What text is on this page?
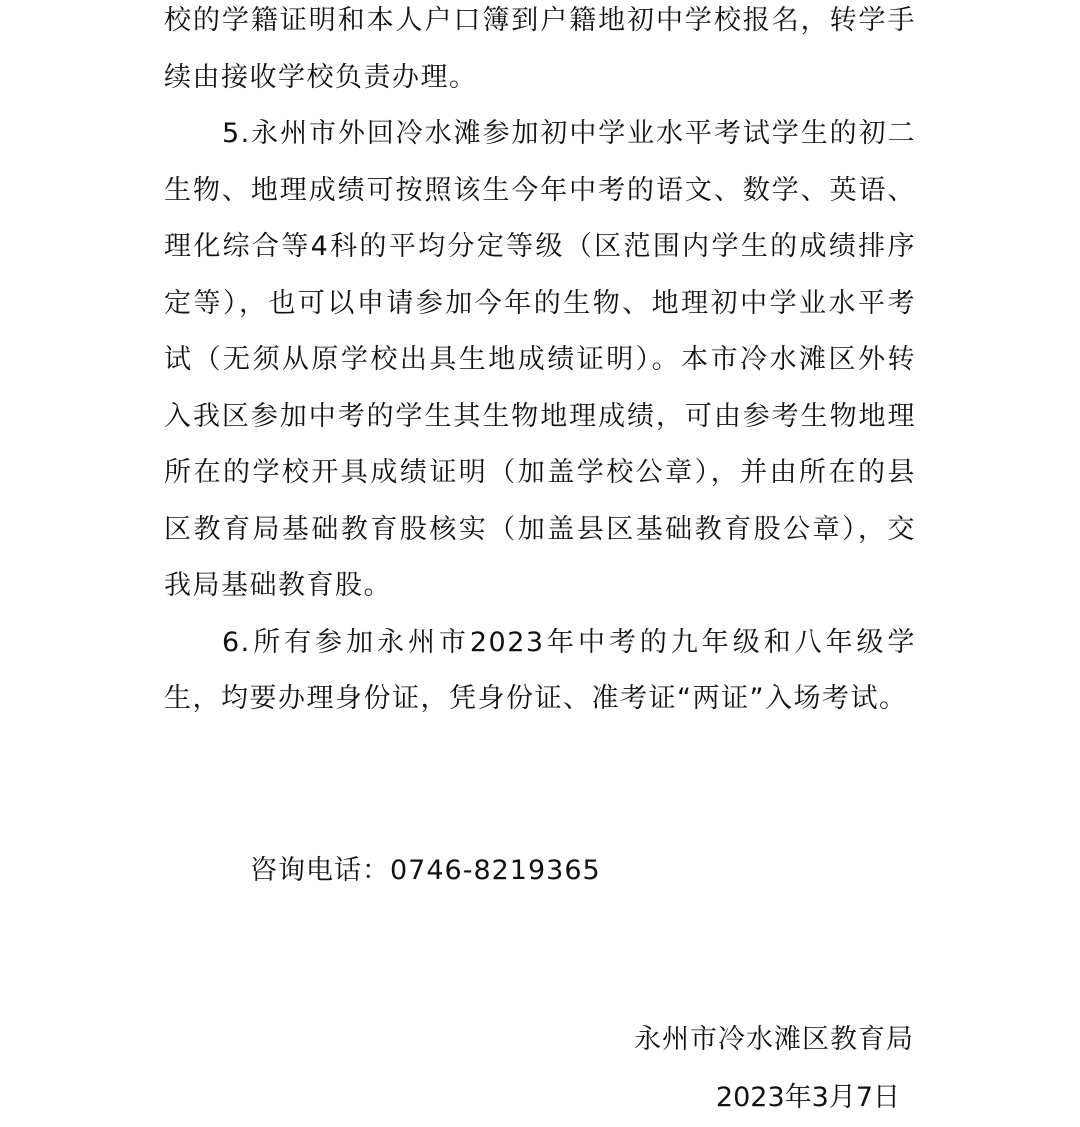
校的学籍证明和本人户口簿到户籍地初中学校报名，转学手续由接收学校负责办理。

5.永州市外回冷水滩参加初中学业水平考试学生的初二生物、地理成绩可按照该生今年中考的语文、数学、英语、理化综合等4科的平均分定等级（区范围内学生的成绩排序定等），也可以申请参加今年的生物、地理初中学业水平考试（无须从原学校出具生地成绩证明）。本市冷水滩区外转入我区参加中考的学生其生物地理成绩，可由参考生物地理所在的学校开具成绩证明（加盖学校公章），并由所在的县区教育局基础教育股核实（加盖县区基础教育股公章），交我局基础教育股。

6.所有参加永州市2023年中考的九年级和八年级学生，均要办理身份证，凭身份证、准考证“两证”入场考试。

咨询电话：0746-8219365
永州市冷水滩区教育局
2023年3月7日
